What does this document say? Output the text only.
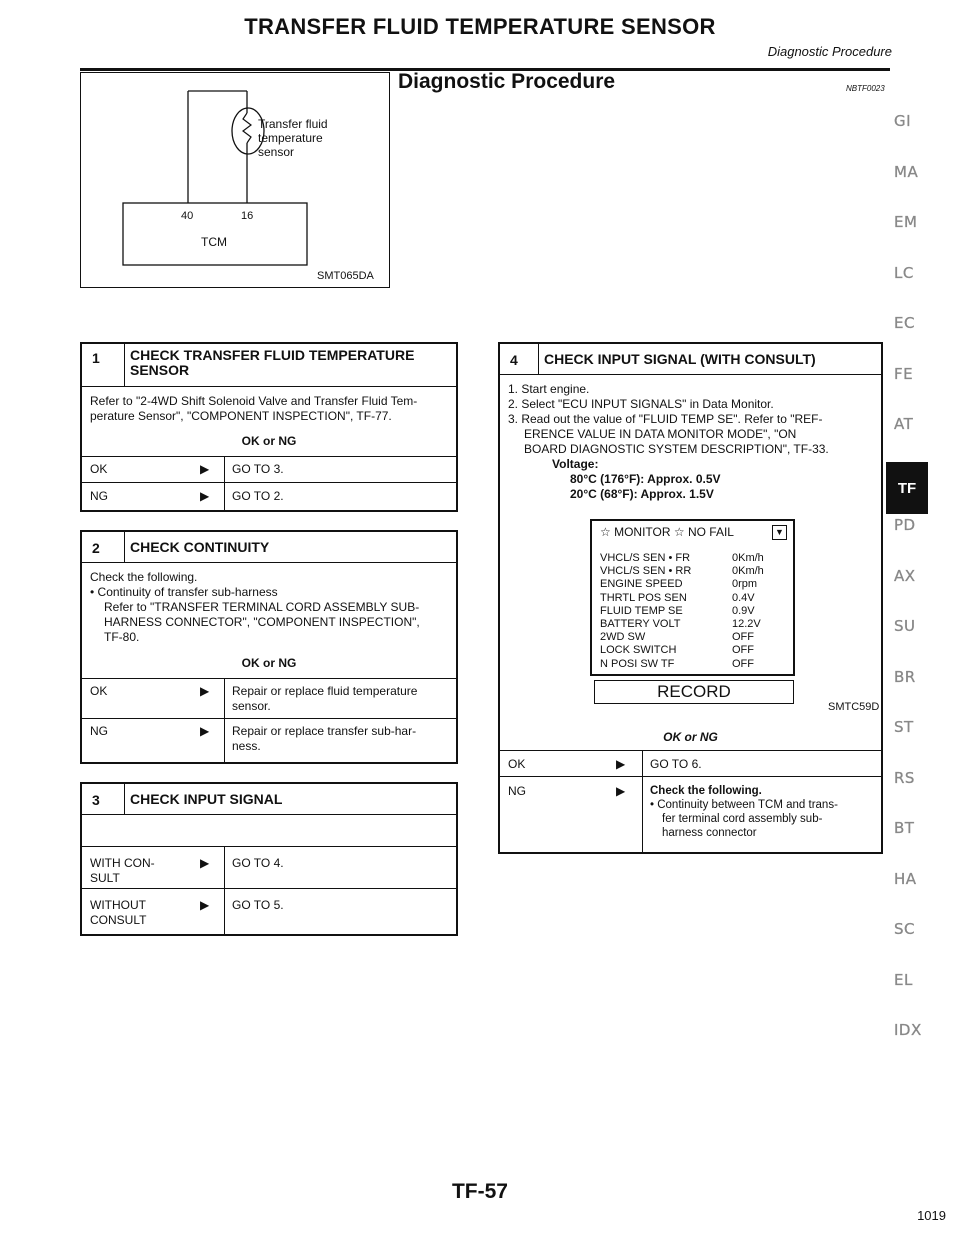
TRANSFER FLUID TEMPERATURE SENSOR
Diagnostic Procedure
Diagnostic Procedure	NBTF0023
Transfer fluid
temperature
sensor
40	16
TCM
SMT065DA
1 CHECK TRANSFER FLUID TEMPERATURE
SENSOR
Refer to "2-4WD Shift Solenoid Valve and Transfer Fluid Tem-
perature Sensor", "COMPONENT INSPECTION", TF-77.
OK or NG
OK	▶ GO TO 3.
NG	▶ GO TO 2.
2 CHECK CONTINUITY
Check the following.
• Continuity of transfer sub-harness
Refer to "TRANSFER TERMINAL CORD ASSEMBLY SUB-
HARNESS CONNECTOR", "COMPONENT INSPECTION",
TF-80.
OK or NG
OK	▶ Repair or replace fluid temperature
sensor.
NG	▶ Repair or replace transfer sub-har-
ness.
3 CHECK INPUT SIGNAL
WITH CON-
SULT
▶ GO TO 4.
WITHOUT
CONSULT
▶ GO TO 5.
4 CHECK INPUT SIGNAL (WITH CONSULT)
1. Start engine.
2. Select "ECU INPUT SIGNALS" in Data Monitor.
3. Read out the value of "FLUID TEMP SE". Refer to "REF-
ERENCE VALUE IN DATA MONITOR MODE", "ON
BOARD DIAGNOSTIC SYSTEM DESCRIPTION", TF-33.
Voltage:
80°C (176°F): Approx. 0.5V
20°C (68°F): Approx. 1.5V
SMTC59D
OK or NG
OK	▶ GO TO 6.
NG	▶ Check the following.
• Continuity between TCM and trans-
fer terminal cord assembly sub-
harness connector
☆ MONITOR ☆ NO FAIL	▼
VHCL/S SEN • FR	0Km/h
VHCL/S SEN • RR	0Km/h
ENGINE SPEED	0rpm
THRTL POS SEN	0.4V
FLUID TEMP SE	0.9V
BATTERY VOLT	12.2V
2WD SW	OFF
LOCK SWITCH	OFF
N POSI SW TF	OFF
RECORD
GI
MA
EM
LC
EC
FE
AT
TF
PD
AX
SU
BR
ST
RS
BT
HA
SC
EL
IDX
TF-57
1019
